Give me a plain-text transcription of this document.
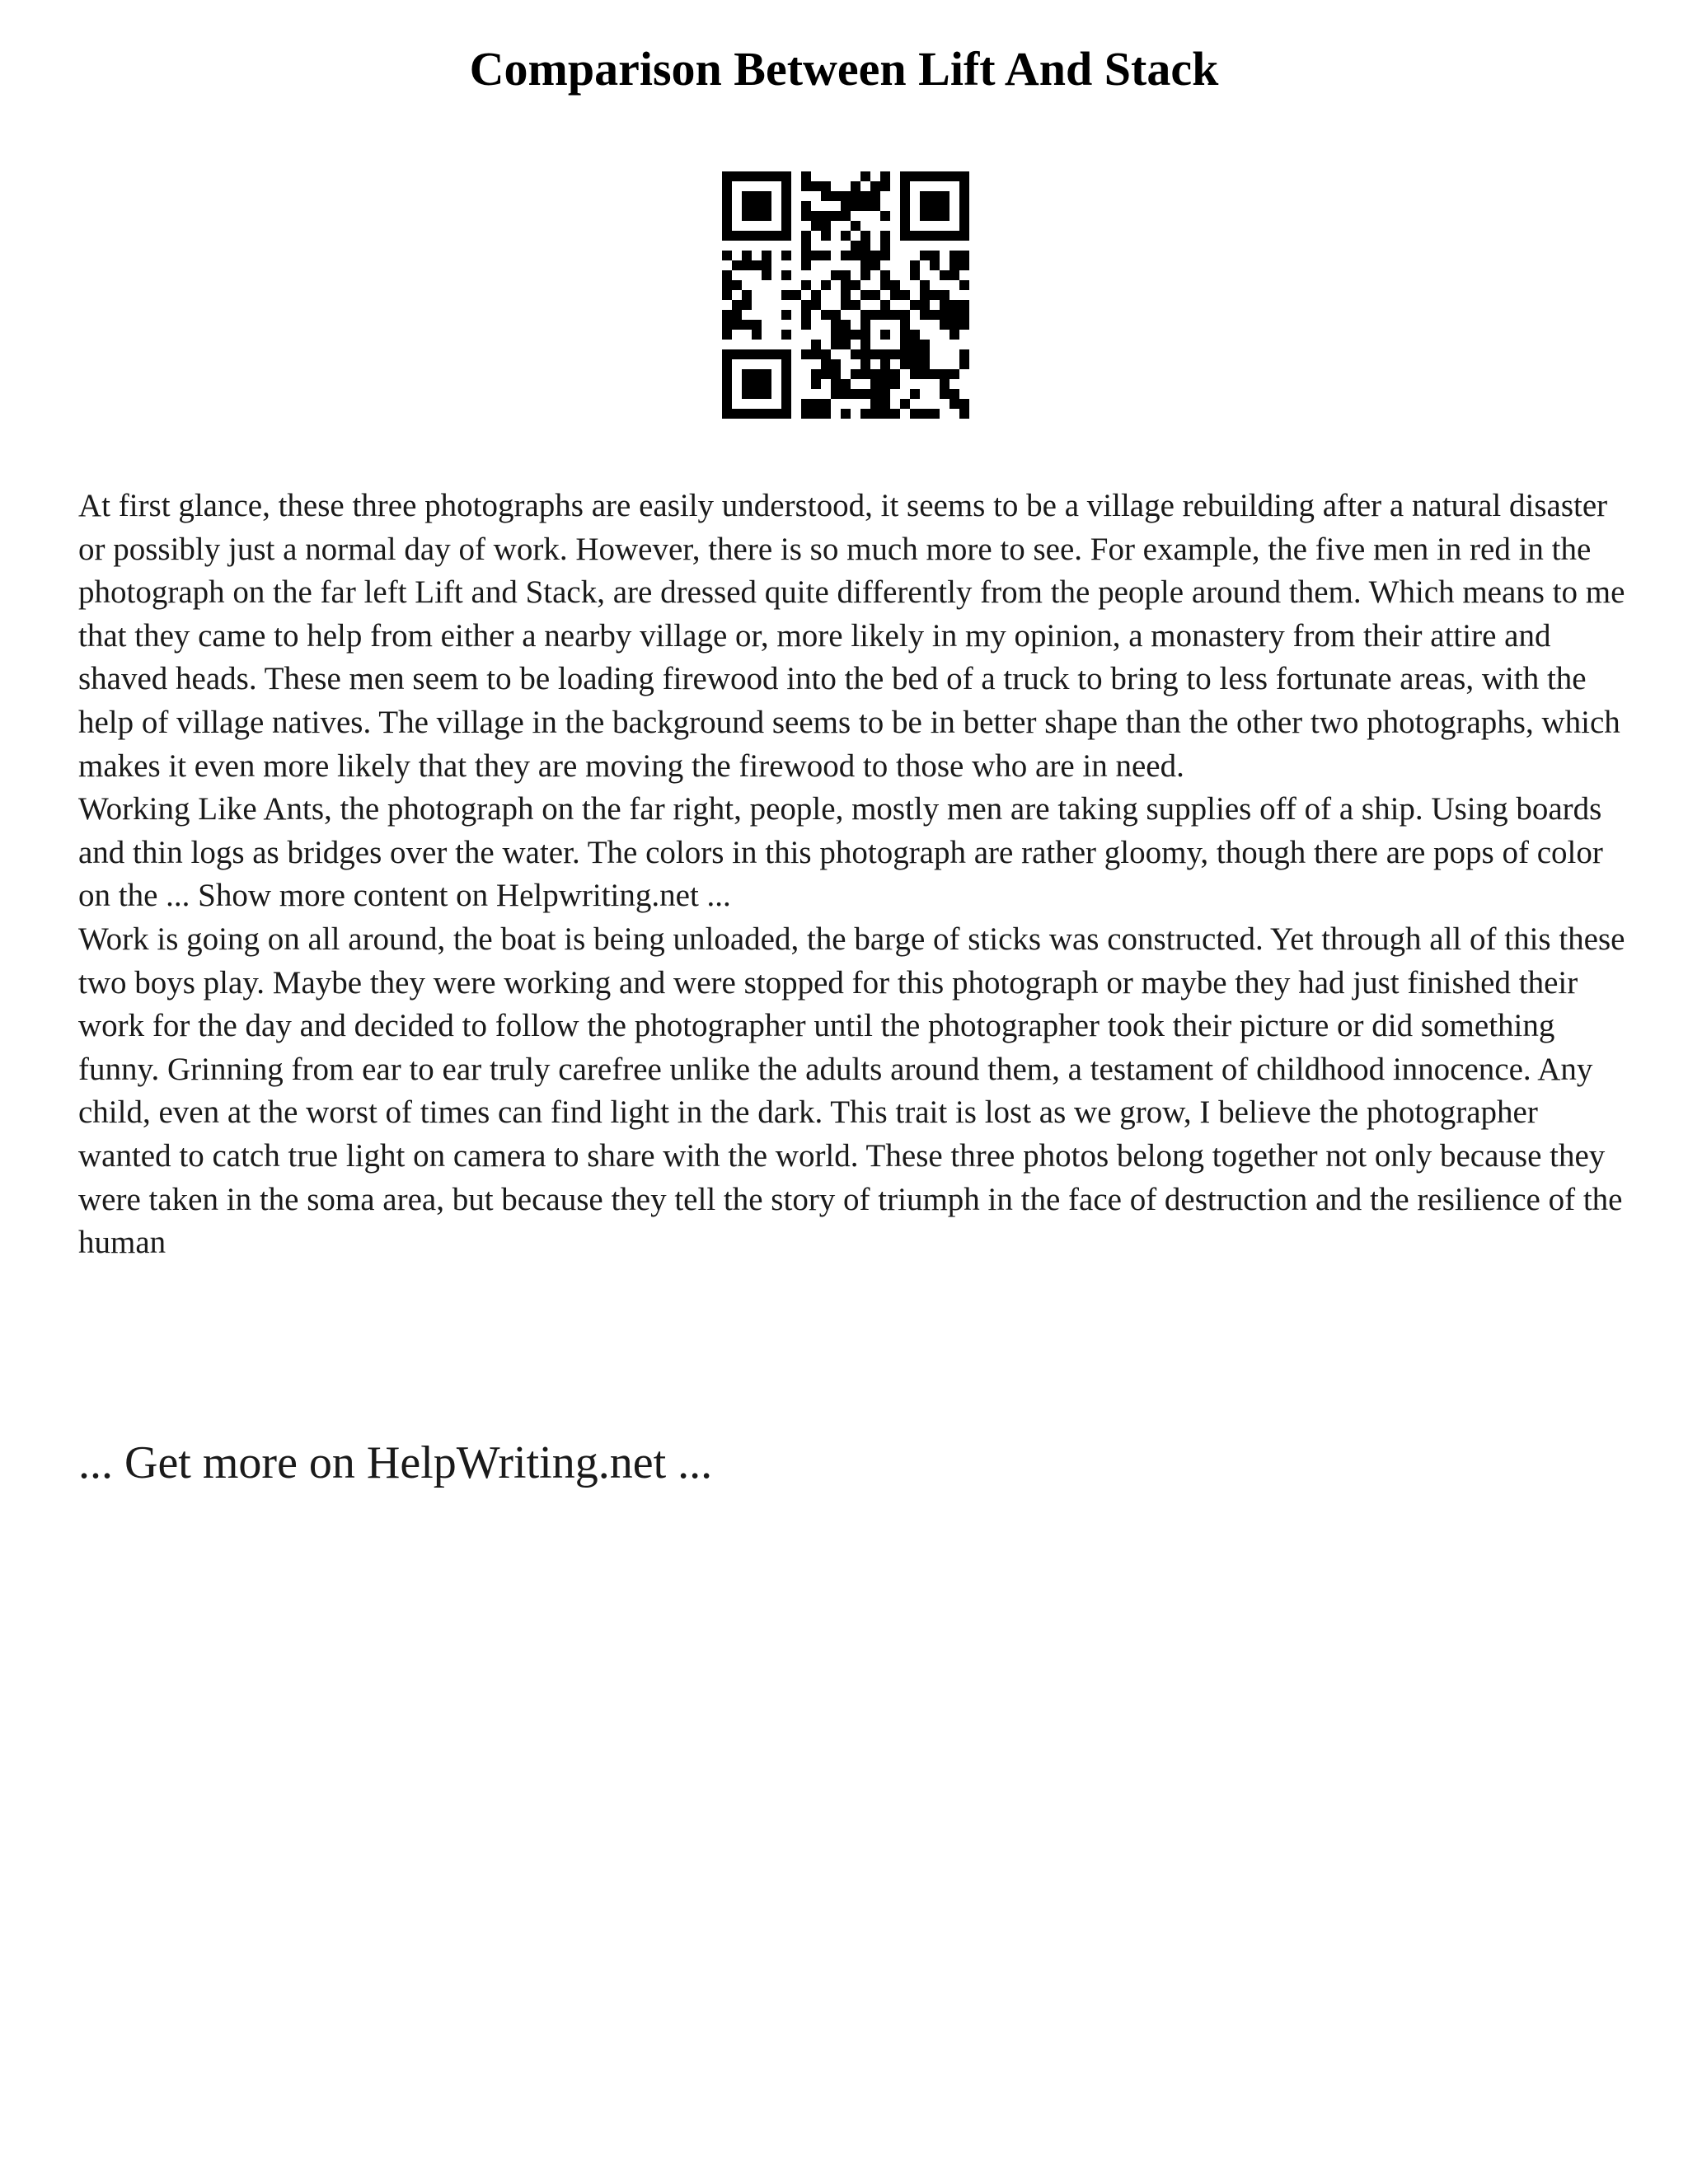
Comparison Between Lift And Stack

At first glance, these three photographs are easily understood, it seems to be a village rebuilding after a natural disaster or possibly just a normal day of work. However, there is so much more to see. For example, the five men in red in the photograph on the far left Lift and Stack, are dressed quite differently from the people around them. Which means to me that they came to help from either a nearby village or, more likely in my opinion, a monastery from their attire and shaved heads. These men seem to be loading firewood into the bed of a truck to bring to less fortunate areas, with the help of village natives. The village in the background seems to be in better shape than the other two photographs, which makes it even more likely that they are moving the firewood to those who are in need.

Working Like Ants, the photograph on the far right, people, mostly men are taking supplies off of a ship. Using boards and thin logs as bridges over the water. The colors in this photograph are rather gloomy, though there are pops of color on the ... Show more content on Helpwriting.net ...

Work is going on all around, the boat is being unloaded, the barge of sticks was constructed. Yet through all of this these two boys play. Maybe they were working and were stopped for this photograph or maybe they had just finished their work for the day and decided to follow the photographer until the photographer took their picture or did something funny. Grinning from ear to ear truly carefree unlike the adults around them, a testament of childhood innocence. Any child, even at the worst of times can find light in the dark. This trait is lost as we grow, I believe the photographer wanted to catch true light on camera to share with the world. These three photos belong together not only because they were taken in the soma area, but because they tell the story of triumph in the face of destruction and the resilience of the human

... Get more on HelpWriting.net ...
